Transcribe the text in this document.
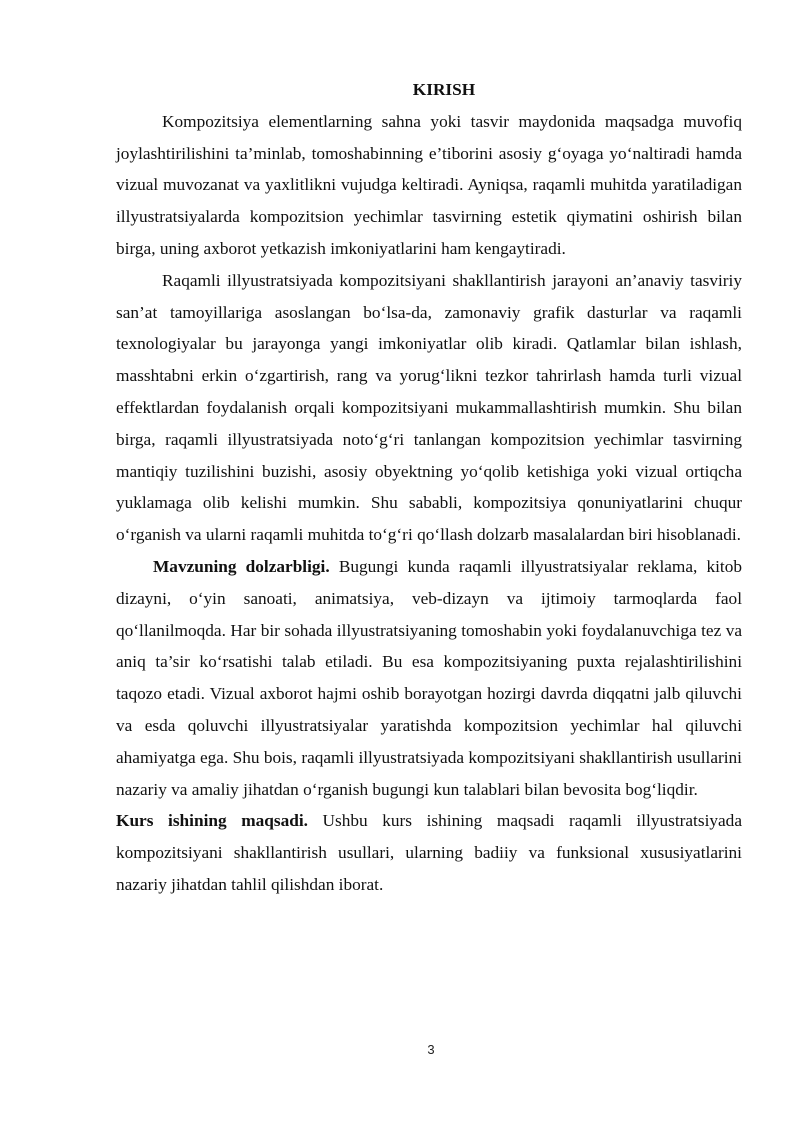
KIRISH

Kompozitsiya elementlarning sahna yoki tasvir maydonida maqsadga muvofiq joylashtirilishini ta’minlab, tomoshabinning e’tiborini asosiy g‘oyaga yo‘naltiradi hamda vizual muvozanat va yaxlitlikni vujudga keltiradi. Ayniqsa, raqamli muhitda yaratiladigan illyustratsiyalarda kompozitsion yechimlar tasvirning estetik qiymatini oshirish bilan birga, uning axborot yetkazish imkoniyatlarini ham kengaytiradi.

Raqamli illyustratsiyada kompozitsiyani shakllantirish jarayoni an’anaviy tasviriy san’at tamoyillariga asoslangan bo‘lsa-da, zamonaviy grafik dasturlar va raqamli texnologiyalar bu jarayonga yangi imkoniyatlar olib kiradi. Qatlamlar bilan ishlash, masshtabni erkin o‘zgartirish, rang va yorug‘likni tezkor tahrirlash hamda turli vizual effektlardan foydalanish orqali kompozitsiyani mukammallashtirish mumkin. Shu bilan birga, raqamli illyustratsiyada noto‘g‘ri tanlangan kompozitsion yechimlar tasvirning mantiqiy tuzilishini buzishi, asosiy obyektning yo‘qolib ketishiga yoki vizual ortiqcha yuklamaga olib kelishi mumkin. Shu sababli, kompozitsiya qonuniyatlarini chuqur o‘rganish va ularni raqamli muhitda to‘g‘ri qo‘llash dolzarb masalalardan biri hisoblanadi.

Mavzuning dolzarbligi. Bugungi kunda raqamli illyustratsiyalar reklama, kitob dizayni, o‘yin sanoati, animatsiya, veb-dizayn va ijtimoiy tarmoqlarda faol qo‘llanilmoqda. Har bir sohada illyustratsiyaning tomoshabin yoki foydalanuvchiga tez va aniq ta’sir ko‘rsatishi talab etiladi. Bu esa kompozitsiyaning puxta rejalashtirilishini taqozo etadi. Vizual axborot hajmi oshib borayotgan hozirgi davrda diqqatni jalb qiluvchi va esda qoluvchi illyustratsiyalar yaratishda kompozitsion yechimlar hal qiluvchi ahamiyatga ega. Shu bois, raqamli illyustratsiyada kompozitsiyani shakllantirish usullarini nazariy va amaliy jihatdan o‘rganish bugungi kun talablari bilan bevosita bog‘liqdir.

Kurs ishining maqsadi. Ushbu kurs ishining maqsadi raqamli illyustratsiyada kompozitsiyani shakllantirish usullari, ularning badiiy va funksional xususiyatlarini nazariy jihatdan tahlil qilishdan iborat.

3
